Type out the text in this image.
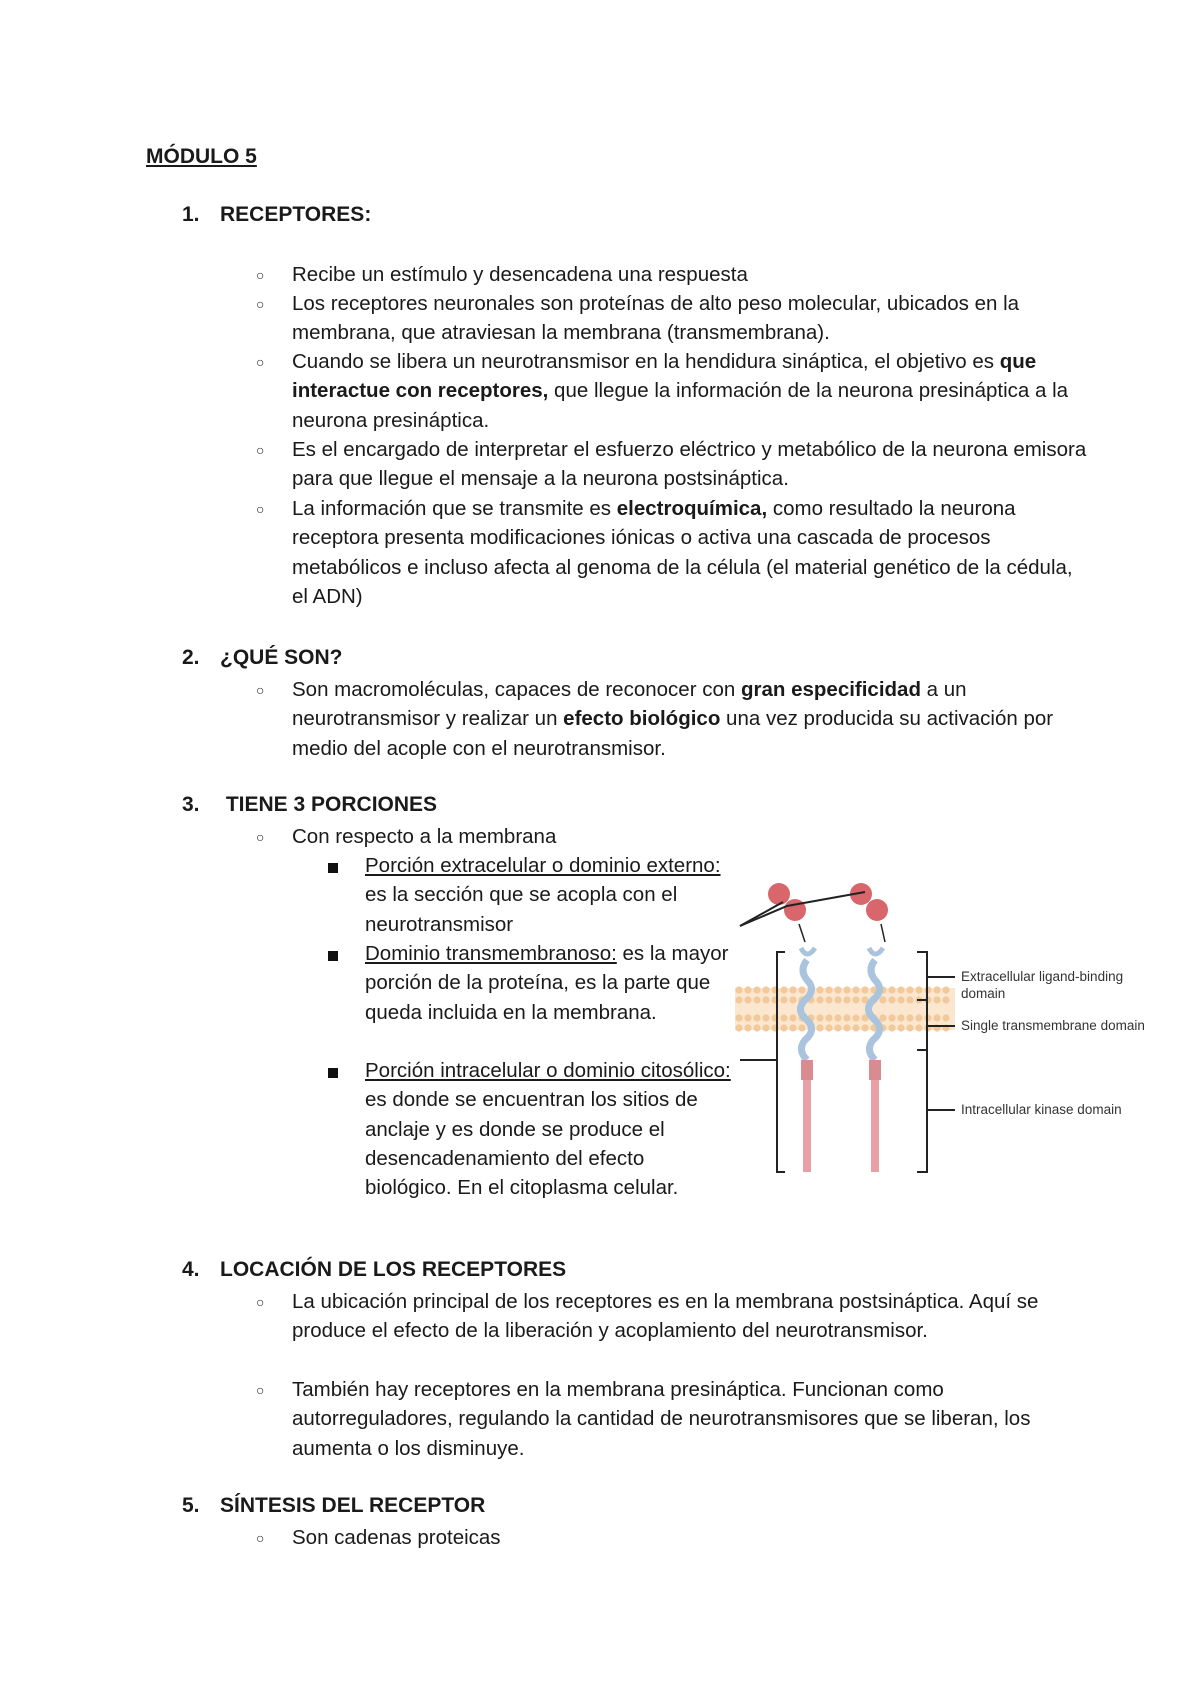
MÓDULO 5
1. RECEPTORES:
○ Recibe un estímulo y desencadena una respuesta
○ Los receptores neuronales son proteínas de alto peso molecular, ubicados en la membrana, que atraviesan la membrana (transmembrana).
○ Cuando se libera un neurotransmisor en la hendidura sináptica, el objetivo es que interactue con receptores, que llegue la información de la neurona presináptica a la neurona presináptica.
○ Es el encargado de interpretar el esfuerzo eléctrico y metabólico de la neurona emisora para que llegue el mensaje a la neurona postsináptica.
○ La información que se transmite es electroquímica, como resultado la neurona receptora presenta modificaciones iónicas o activa una cascada de procesos metabólicos e incluso afecta al genoma de la célula (el material genético de la cédula, el ADN)
2. ¿QUÉ SON?
○ Son macromoléculas, capaces de reconocer con gran especificidad a un neurotransmisor y realizar un efecto biológico una vez producida su activación por medio del acople con el neurotransmisor.
3. TIENE 3 PORCIONES
○ Con respecto a la membrana
Porción extracelular o dominio externo: es la sección que se acopla con el neurotransmisor
Dominio transmembranoso: es la mayor porción de la proteína, es la parte que queda incluida en la membrana.
Porción intracelular o dominio citosólico: es donde se encuentran los sitios de anclaje y es donde se produce el desencadenamiento del efecto biológico. En el citoplasma celular.
Extracellular ligand-binding
domain
Single transmembrane domain
Intracellular kinase domain
4. LOCACIÓN DE LOS RECEPTORES
○ La ubicación principal de los receptores es en la membrana postsináptica. Aquí se produce el efecto de la liberación y acoplamiento del neurotransmisor.
○ También hay receptores en la membrana presináptica. Funcionan como autorreguladores, regulando la cantidad de neurotransmisores que se liberan, los aumenta o los disminuye.
5. SÍNTESIS DEL RECEPTOR
○ Son cadenas proteicas
